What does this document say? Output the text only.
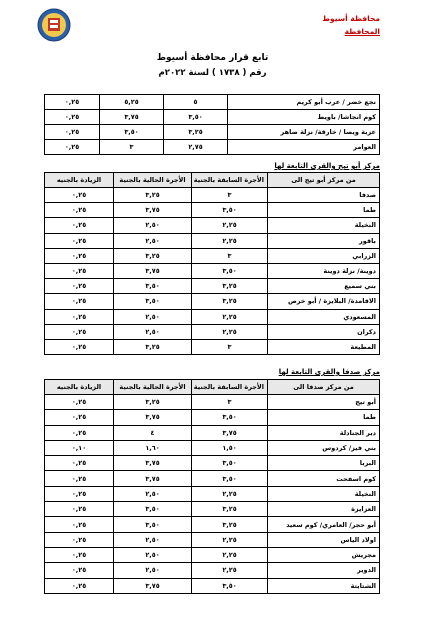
محافظة أسيوط
المحافظة
تابع قرار محافظة أسيوط
رقم ( ١٧٣٨ ) لسنة ٢٠٢٢م
نجع خضر / عرب أبو كريم	٥	٥,٢٥	٠,٢٥
كوم انجاشا/ باويط	٣,٥٠	٣,٧٥	٠,٢٥
عزبة ويصا / خارقة/ نزلة ضاهر	٣,٢٥	٣,٥٠	٠,٢٥
العوامر	٢,٧٥	٣	٠,٢٥
مركز أبو تيج والقرى التابعة لها
من مركز أبو تيج الى	الأجرة السابقة بالجنية	الأجرة الحالية بالجنية	الزيادة بالجنيه
صدفا	٣	٣,٢٥	٠,٢٥
طما	٣,٥٠	٣,٧٥	٠,٢٥
النخيلة	٢,٢٥	٢,٥٠	٠,٢٥
باقور	٢,٢٥	٢,٥٠	٠,٢٥
الزرابي	٣	٣,٢٥	٠,٢٥
دوينة/ نزلة دوينة	٣,٥٠	٣,٧٥	٠,٢٥
بني سميع	٣,٢٥	٣,٥٠	٠,٢٥
الاقامدة/ البلايزة / أبو خرص	٣,٢٥	٣,٥٠	٠,٢٥
المسعودي	٢,٢٥	٢,٥٠	٠,٢٥
دكران	٢,٢٥	٢,٥٠	٠,٢٥
المطيعة	٣	٣,٢٥	٠,٢٥
مركز صدفا والقرى التابعة لها
من مركز صدفا الى	الأجرة السابقة بالجنية	الأجرة الحالية بالجنية	الزيادة بالجنيه
أبو تيج	٣	٣,٢٥	٠,٢٥
طما	٣,٥٠	٣,٧٥	٠,٢٥
دير الجنادلة	٣,٧٥	٤	٠,٢٥
بني فيز/ كردوس	١,٥٠	١,٦٠	٠,١٠
البربا	٣,٥٠	٣,٧٥	٠,٢٥
كوم اسفحت	٣,٥٠	٣,٧٥	٠,٢٥
النخيلة	٢,٢٥	٢,٥٠	٠,٢٥
العزايزة	٣,٢٥	٣,٥٠	٠,٢٥
أبو حجر/ العامري/ كوم سعيد	٣,٢٥	٣,٥٠	٠,٢٥
اولاد الياس	٢,٢٥	٢,٥٠	٠,٢٥
مجريش	٢,٢٥	٢,٥٠	٠,٢٥
الدوير	٢,٢٥	٢,٥٠	٠,٢٥
الشتايتة	٣,٥٠	٣,٧٥	٠,٢٥
